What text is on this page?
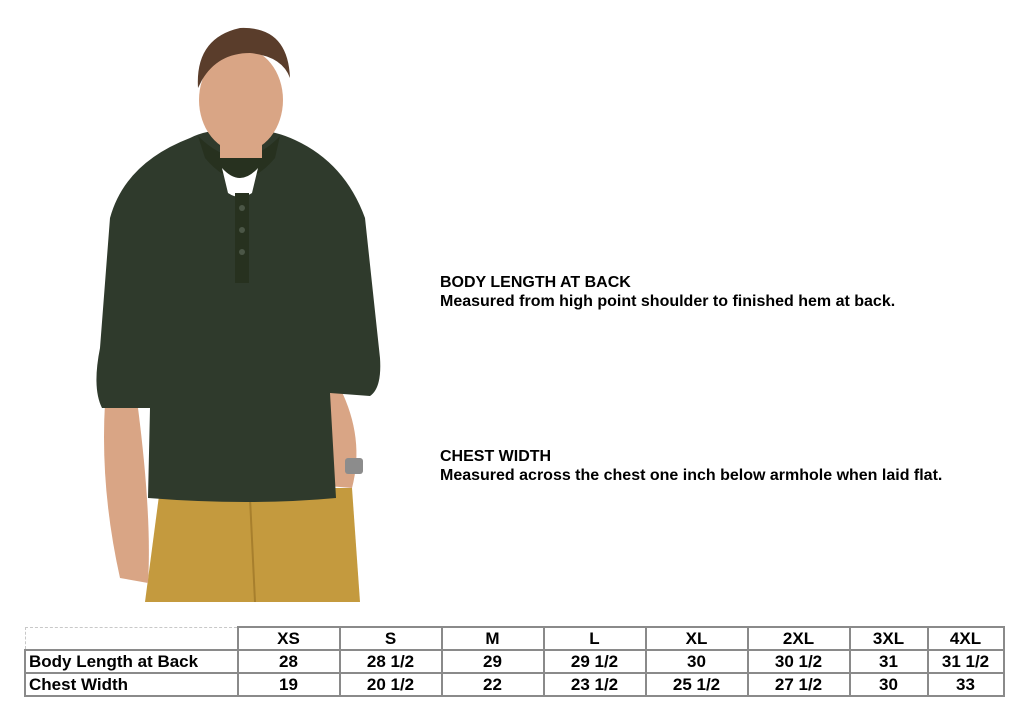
BODY LENGTH AT BACK
Measured from high point shoulder to finished hem at back.
CHEST WIDTH
Measured across the chest one inch below armhole when laid flat.
	XS	S	M	L	XL	2XL	3XL	4XL
Body Length at Back	28	28 1/2	29	29 1/2	30	30 1/2	31	31 1/2
Chest Width	19	20 1/2	22	23 1/2	25 1/2	27 1/2	30	33
